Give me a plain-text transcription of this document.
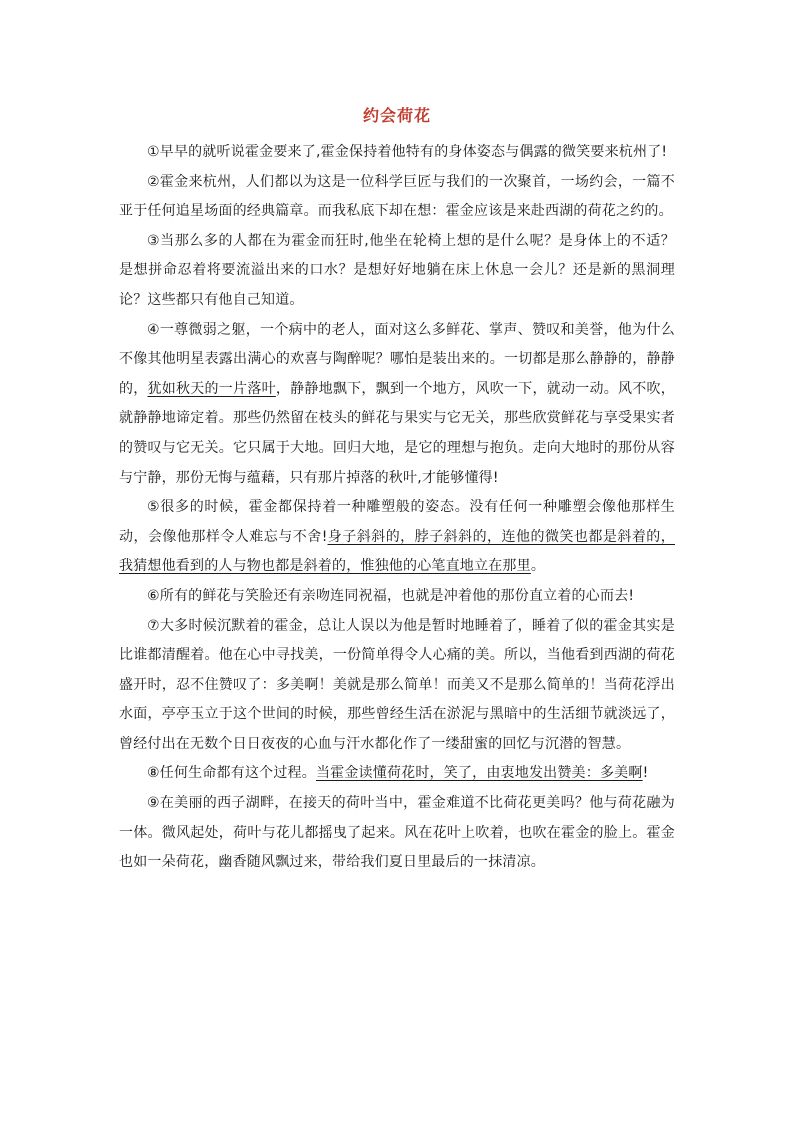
约会荷花

①早早的就听说霍金要来了,霍金保持着他特有的身体姿态与偶露的微笑要来杭州了!

②霍金来杭州，人们都以为这是一位科学巨匠与我们的一次聚首，一场约会，一篇不亚于任何追星场面的经典篇章。而我私底下却在想：霍金应该是来赴西湖的荷花之约的。

③当那么多的人都在为霍金而狂时,他坐在轮椅上想的是什么呢？是身体上的不适？是想拼命忍着将要流溢出来的口水？是想好好地躺在床上休息一会儿？还是新的黑洞理论？这些都只有他自己知道。

④一尊微弱之躯，一个病中的老人，面对这么多鲜花、掌声、赞叹和美誉，他为什么不像其他明星表露出满心的欢喜与陶醉呢？哪怕是装出来的。一切都是那么静静的，静静的，犹如秋天的一片落叶，静静地飘下，飘到一个地方，风吹一下，就动一动。风不吹，就静静地谛定着。那些仍然留在枝头的鲜花与果实与它无关，那些欣赏鲜花与享受果实者的赞叹与它无关。它只属于大地。回归大地，是它的理想与抱负。走向大地时的那份从容与宁静，那份无悔与蕴藉，只有那片掉落的秋叶,才能够懂得!

⑤很多的时候，霍金都保持着一种雕塑般的姿态。没有任何一种雕塑会像他那样生动，会像他那样令人难忘与不舍!身子斜斜的，脖子斜斜的，连他的微笑也都是斜着的，我猜想他看到的人与物也都是斜着的，惟独他的心笔直地立在那里。

⑥所有的鲜花与笑脸还有亲吻连同祝福，也就是冲着他的那份直立着的心而去!

⑦大多时候沉默着的霍金，总让人误以为他是暂时地睡着了，睡着了似的霍金其实是比谁都清醒着。他在心中寻找美，一份简单得令人心痛的美。所以，当他看到西湖的荷花盛开时，忍不住赞叹了：多美啊！美就是那么简单！而美又不是那么简单的！当荷花浮出水面，亭亭玉立于这个世间的时候，那些曾经生活在淤泥与黑暗中的生活细节就淡远了，曾经付出在无数个日日夜夜的心血与汗水都化作了一缕甜蜜的回忆与沉潜的智慧。

⑧任何生命都有这个过程。当霍金读懂荷花时，笑了，由衷地发出赞美：多美啊!

⑨在美丽的西子湖畔，在接天的荷叶当中，霍金难道不比荷花更美吗？他与荷花融为一体。微风起处，荷叶与花儿都摇曳了起来。风在花叶上吹着，也吹在霍金的脸上。霍金也如一朵荷花，幽香随风飘过来，带给我们夏日里最后的一抹清凉。
